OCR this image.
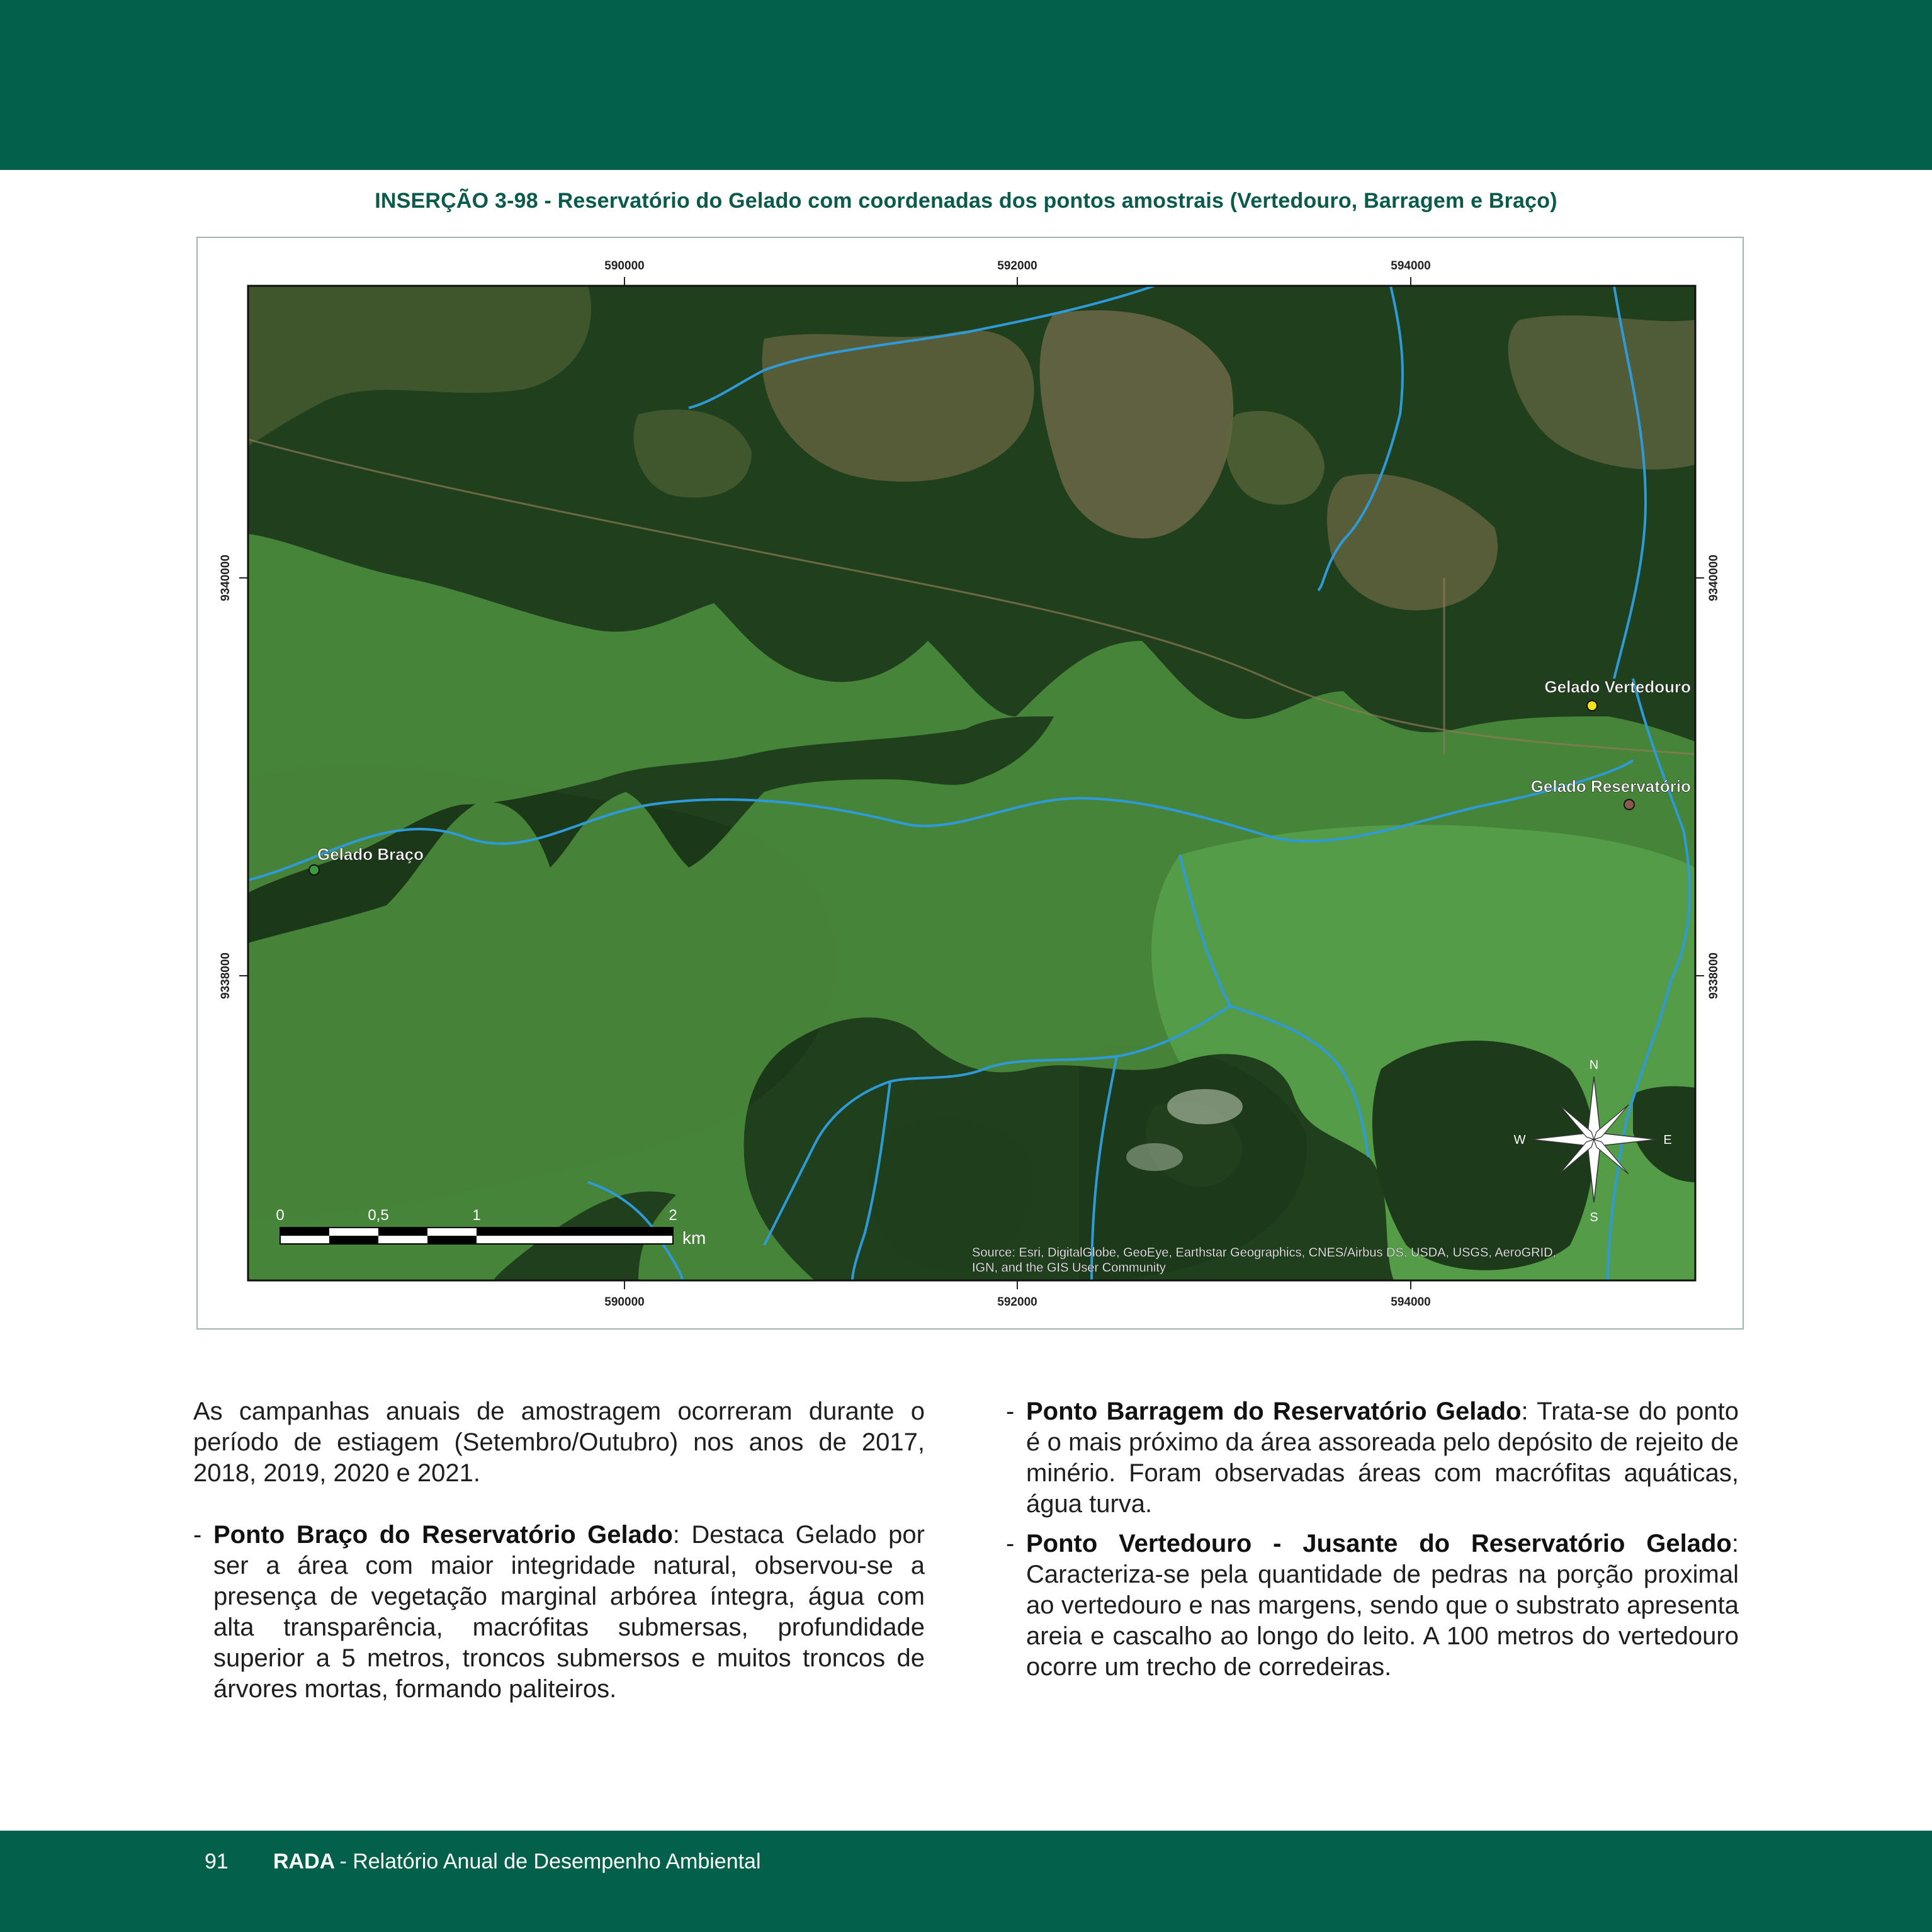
INSERÇÃO 3-98 - Reservatório do Gelado com coordenadas dos pontos amostrais (Vertedouro, Barragem e Braço)
590000	592000	594000
590000	592000	594000
9340000
9338000
9340000
9338000
Gelado Vertedouro
Gelado Reservatório
Gelado Braço
N
S
W	E
0	0,5	1	2
km
Source: Esri, DigitalGlobe, GeoEye, Earthstar Geographics, CNES/Airbus DS, USDA, USGS, AeroGRID,
IGN, and the GIS User Community

As campanhas anuais de amostragem ocorreram durante o período de estiagem (Setembro/Outubro) nos anos de 2017, 2018, 2019, 2020 e 2021.

- Ponto Braço do Reservatório Gelado: Destaca Gelado por ser a área com maior integridade natural, observou-se a presença de vegetação marginal arbórea íntegra, água com alta transparência, macrófitas submersas, profundidade superior a 5 metros, troncos submersos e muitos troncos de árvores mortas, formando paliteiros.

- Ponto Barragem do Reservatório Gelado: Trata-se do ponto é o mais próximo da área assoreada pelo depósito de rejeito de minério. Foram observadas áreas com macrófitas aquáticas, água turva.

- Ponto Vertedouro - Jusante do Reservatório Gelado: Caracteriza-se pela quantidade de pedras na porção proximal ao vertedouro e nas margens, sendo que o substrato apresenta areia e cascalho ao longo do leito. A 100 metros do vertedouro ocorre um trecho de corredeiras.

91 RADA
- Relatório Anual de Desempenho Ambiental
